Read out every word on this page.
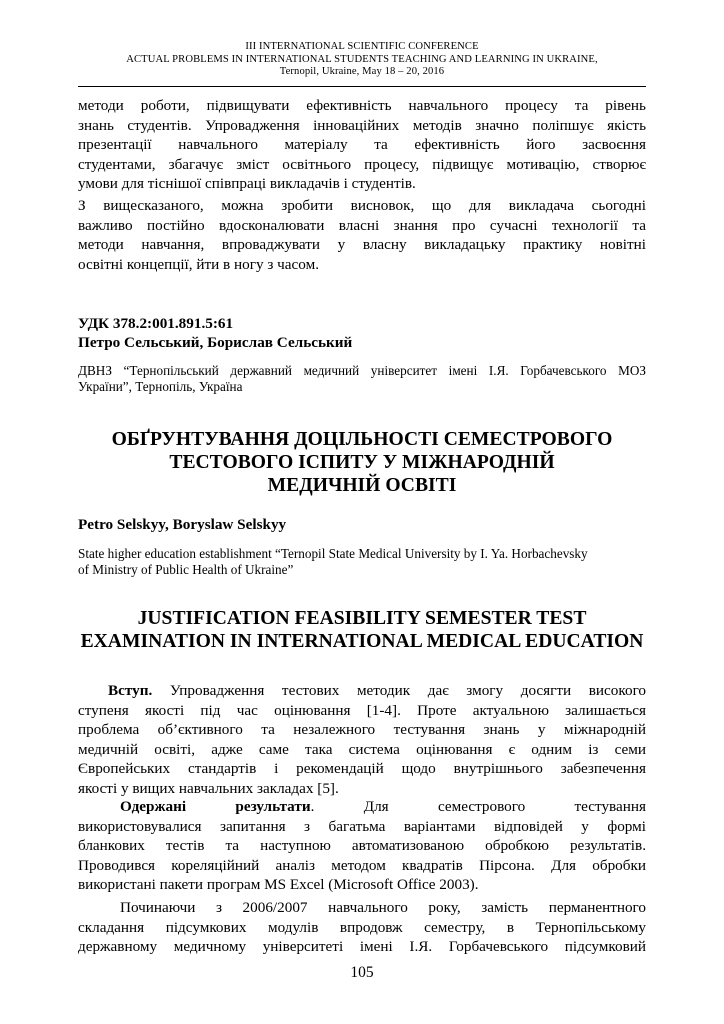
III INTERNATIONAL SCIENTIFIC CONFERENCE
ACTUAL PROBLEMS IN INTERNATIONAL STUDENTS TEACHING AND LEARNING IN UKRAINE,
Ternopil, Ukraine, May 18 – 20, 2016
методи роботи, підвищувати ефективність навчального процесу та рівень
знань студентів. Упровадження інноваційних методів значно поліпшує якість
презентації навчального матеріалу та ефективність його засвоєння
студентами, збагачує зміст освітнього процесу, підвищує мотивацію, створює
умови для тіснішої співпраці викладачів і студентів.
З вищесказаного, можна зробити висновок, що для викладача сьогодні
важливо постійно вдосконалювати власні знання про сучасні технології та
методи навчання, впроваджувати у власну викладацьку практику новітні
освітні концепції, йти в ногу з часом.
УДК 378.2:001.891.5:61
Петро Сельський, Борислав Сельський
ДВНЗ “Тернопільський державний медичний університет імені І.Я. Горбачевського МОЗ
України”, Тернопіль, Україна
ОБҐРУНТУВАННЯ ДОЦІЛЬНОСТІ СЕМЕСТРОВОГО
ТЕСТОВОГО ІСПИТУ У МІЖНАРОДНІЙ
МЕДИЧНІЙ ОСВІТІ
Petro Selskyy, Boryslaw Selskyy
State higher education establishment “Ternopil State Medical University by I. Ya. Horbachevsky
of Ministry of Public Health of Ukraine”
JUSTIFICATION FEASIBILITY SEMESTER TEST
EXAMINATION IN INTERNATIONAL MEDICAL EDUCATION
Вступ. Упровадження тестових методик дає змогу досягти високого
ступеня якості під час оцінювання [1-4]. Проте актуальною залишається
проблема об’єктивного та незалежного тестування знань у міжнародній
медичній освіті, адже саме така система оцінювання є одним із семи
Європейських стандартів і рекомендацій щодо внутрішнього забезпечення
якості у вищих навчальних закладах [5].
Одержані	результати.	Для семестрового тестування
використовувалися запитання з багатьма варіантами відповідей у формі
бланкових тестів та наступною автоматизованою обробкою результатів.
Проводився кореляційний аналіз методом квадратів Пірсона. Для обробки
використані пакети програм MS Excel (Microsoft Office 2003).
Починаючи з 2006/2007 навчального року, замість перманентного
складання підсумкових модулів впродовж семестру, в Тернопільському
державному медичному університеті імені І.Я. Горбачевського підсумковий
105
